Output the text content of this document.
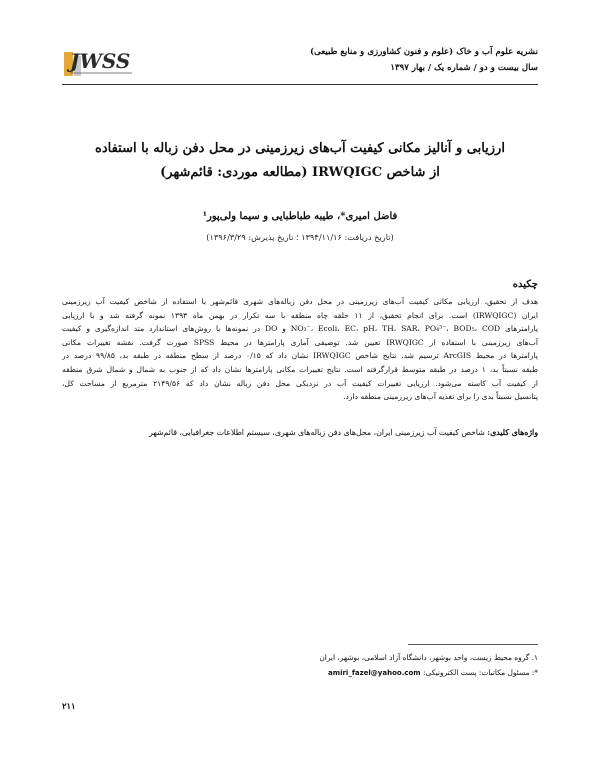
JWSS	نشریه علوم آب و خاک (علوم و فنون کشاورزی و منابع طبیعی)
سال بیست و دو / شماره یک / بهار ۱۳۹۷
ارزیابی و آنالیز مکانی کیفیت آب‌های زیرزمینی در محل دفن زباله با استفاده
از شاخص IRWQIGC (مطالعه موردی: قائم‌شهر)
فاضل امیری*، طیبه طباطبایی و سیما ولی‌پور¹
(تاریخ دریافت: ۱۳۹۴/۱۱/۱۶ ؛ تاریخ پذیرش: ۱۳۹۶/۳/۲۹)
چکیده

هدف از تحقیق، ارزیابی مکانی کیفیت آب‌های زیرزمینی در محل دفن زباله‌های شهری قائم‌شهر با استفاده از شاخص کیفیت آب زیرزمینی

ایران (IRWQIGC) است. برای انجام تحقیق، از ۱۱ حلقه چاه منطقه با سه تکرار در بهمن ماه ۱۳۹۳ نمونه گرفته شد و با ارزیابی

پارامترهای NO₃⁻، Ecoli، EC، pH، TH، SAR، PO₄³⁻، BOD₅، COD و DO در نمونه‌ها با روش‌های استاندارد متد اندازه‌گیری و کیفیت

آب‌های زیرزمینی با استفاده از IRWQIGC تعیین شد. توصیفی آماری پارامترها در محیط SPSS صورت گرفت. نقشه تغییرات مکانی

پارامترها در محیط ArcGIS ترسیم شد. نتایج شاخص IRWQIGC نشان داد که ۰/۱۵ درصد از سطح منطقه در طبقه بد، ۹۹/۸۵ درصد در

طبقه نسبتاً بد، ۱ درصد در طبقه متوسط قرارگرفته است. نتایج تغییرات مکانی پارامترها نشان داد که از جنوب به شمال و شمال شرق منطقه

از کیفیت آب کاسته می‌شود. ارزیابی تغییرات کیفیت آب در نزدیکی محل دفن زباله نشان داد که ۲۱۴۹/۵۶ مترمربع از مساحت کل،

پتانسیل نسبتاً بدی را برای تغذیه آب‌های زیرزمینی منطقه دارد.

واژه‌های کلیدی: شاخص کیفیت آب زیرزمینی ایران، محل‌های دفن زباله‌های شهری، سیستم اطلاعات جغرافیایی، قائم‌شهر
۱. گروه محیط زیست، واحد بوشهر، دانشگاه آزاد اسلامی، بوشهر، ایران
*: مسئول مکاتبات: پست الکترونیکی: amiri_fazel@yahoo.com
۲۱۱
